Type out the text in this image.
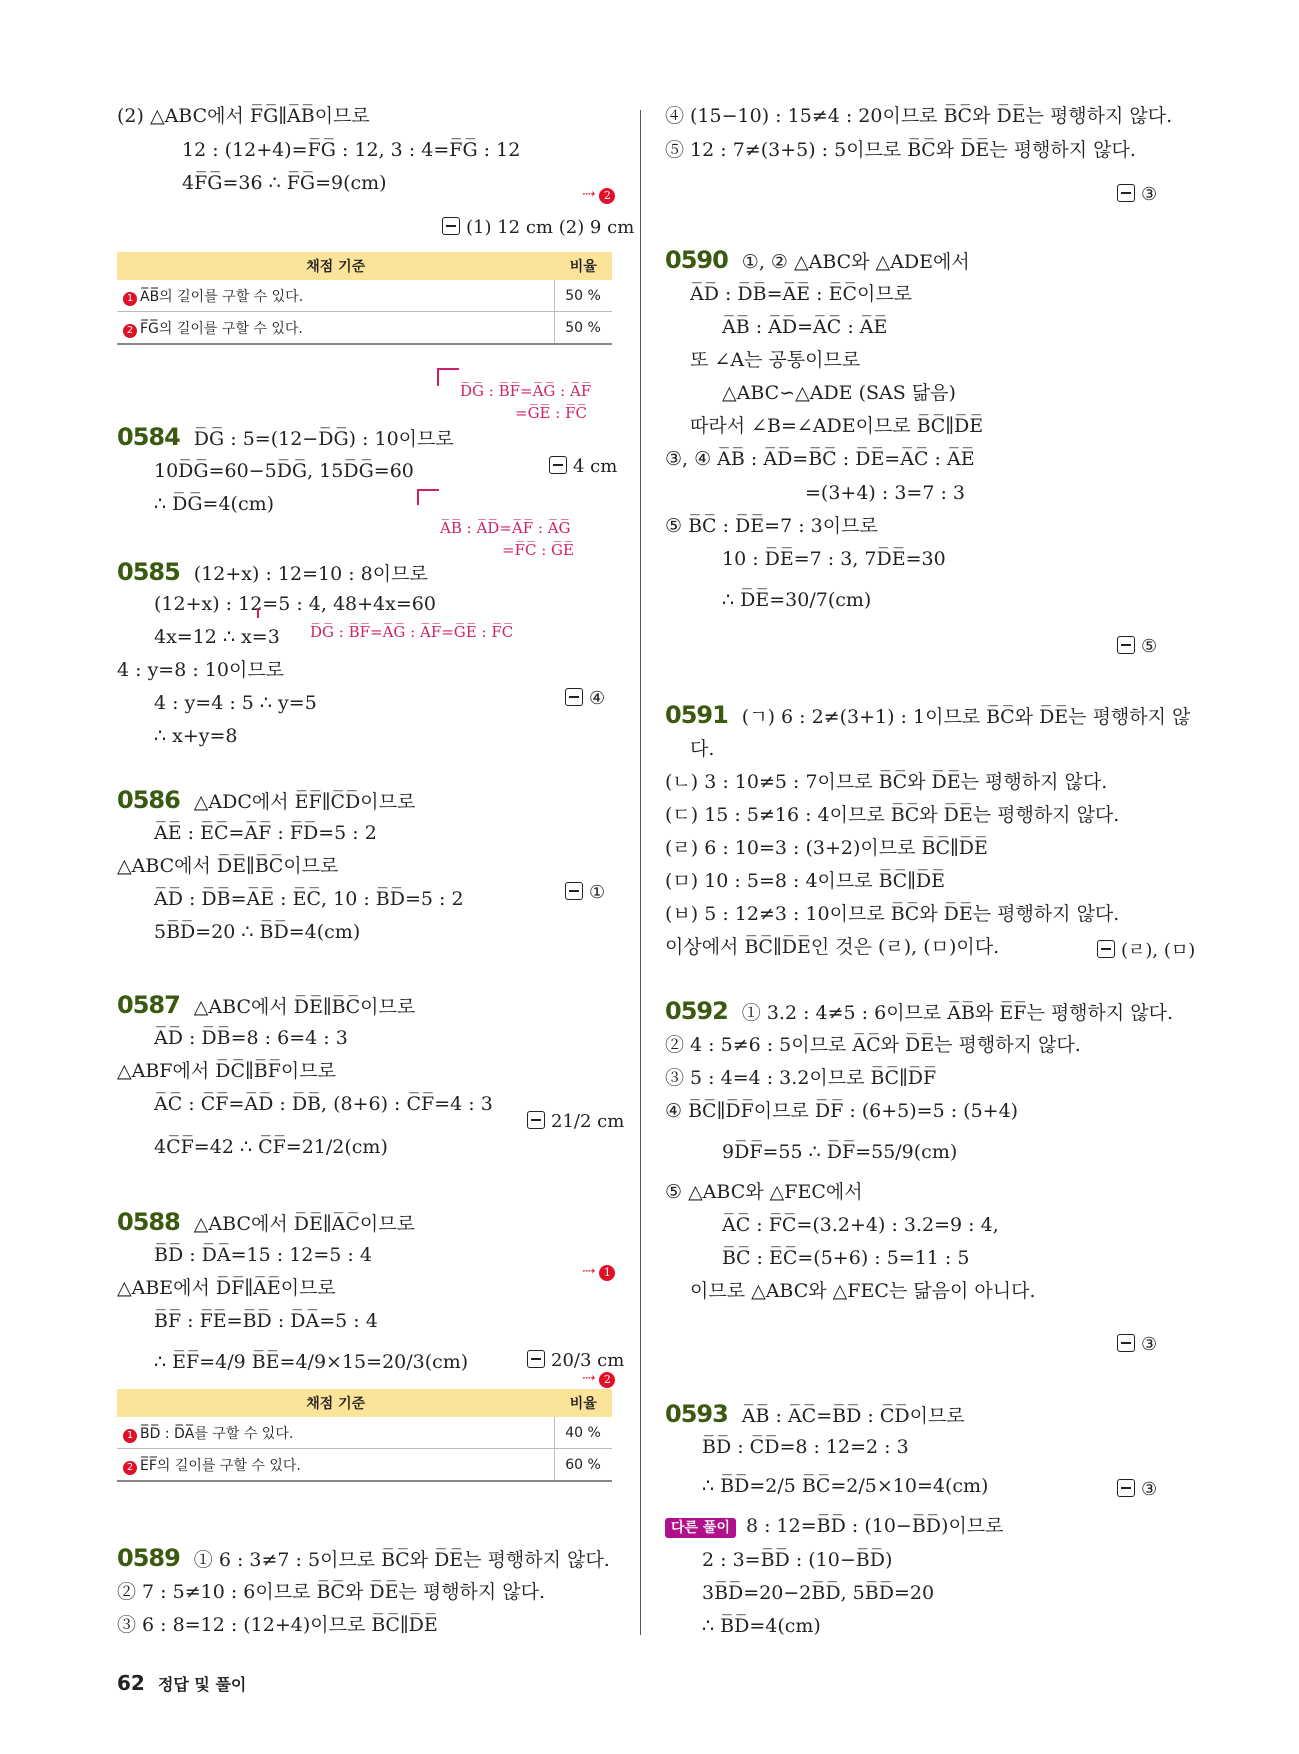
(2) △ABC에서 F̅G̅∥A̅B̅이므로
12 : (12+4)=F̅G̅ : 12, 3 : 4=F̅G̅ : 12
4F̅G̅=36 ∴ F̅G̅=9(cm)
0584 D̅G̅ : 5=(12−D̅G̅) : 10이므로
10D̅G̅=60−5D̅G̅, 15D̅G̅=60
∴ D̅G̅=4(cm)
0585 (12+x) : 12=10 : 8이므로
(12+x) : 12=5 : 4, 48+4x=60
4x=12 ∴ x=3
4 : y=8 : 10이므로
4 : y=4 : 5 ∴ y=5
∴ x+y=8
0586 △ADC에서 E̅F̅∥C̅D̅이므로
A̅E̅ : E̅C̅=A̅F̅ : F̅D̅=5 : 2
△ABC에서 D̅E̅∥B̅C̅이므로
A̅D̅ : D̅B̅=A̅E̅ : E̅C̅, 10 : B̅D̅=5 : 2
5B̅D̅=20 ∴ B̅D̅=4(cm)
0587 △ABC에서 D̅E̅∥B̅C̅이므로
A̅D̅ : D̅B̅=8 : 6=4 : 3
△ABF에서 D̅C̅∥B̅F̅이므로
A̅C̅ : C̅F̅=A̅D̅ : D̅B̅, (8+6) : C̅F̅=4 : 3
4C̅F̅=42 ∴ C̅F̅=21/2(cm)
0588 △ABC에서 D̅E̅∥A̅C̅이므로
B̅D̅ : D̅A̅=15 : 12=5 : 4
△ABE에서 D̅F̅∥A̅E̅이므로
B̅F̅ : F̅E̅=B̅D̅ : D̅A̅=5 : 4
∴ E̅F̅=4/9 B̅E̅=4/9×15=20/3(cm)
0589 ① 6 : 3≠7 : 5이므로 B̅C̅와 D̅E̅는 평행하지 않다.
② 7 : 5≠10 : 6이므로 B̅C̅와 D̅E̅는 평행하지 않다.
③ 6 : 8=12 : (12+4)이므로 B̅C̅∥D̅E̅
(1) 12 cm (2) 9 cm
4 cm
④
①
21/2 cm
20/3 cm
⇢ 2
⇢ 1
⇢ 2
D̅G̅ : B̅F̅=A̅G̅ : A̅F̅
=G̅E̅ : F̅C̅
A̅B̅ : A̅D̅=A̅F̅ : A̅G̅
=F̅C̅ : G̅E̅
D̅G̅ : B̅F̅=A̅G̅ : A̅F̅=G̅E̅ : F̅C̅
채점 기준	비율
1 A̅B̅의 길이를 구할 수 있다.	50 %
2 F̅G̅의 길이를 구할 수 있다.	50 %
채점 기준	비율
1 B̅D̅ : D̅A̅를 구할 수 있다.	40 %
2 E̅F̅의 길이를 구할 수 있다.	60 %
④ (15−10) : 15≠4 : 20이므로 B̅C̅와 D̅E̅는 평행하지 않다.
⑤ 12 : 7≠(3+5) : 5이므로 B̅C̅와 D̅E̅는 평행하지 않다.
0590 ①, ② △ABC와 △ADE에서
A̅D̅ : D̅B̅=A̅E̅ : E̅C̅이므로
A̅B̅ : A̅D̅=A̅C̅ : A̅E̅
또 ∠A는 공통이므로
△ABC∽△ADE (SAS 닮음)
따라서 ∠B=∠ADE이므로 B̅C̅∥D̅E̅
③, ④ A̅B̅ : A̅D̅=B̅C̅ : D̅E̅=A̅C̅ : A̅E̅
=(3+4) : 3=7 : 3
⑤ B̅C̅ : D̅E̅=7 : 3이므로
10 : D̅E̅=7 : 3, 7D̅E̅=30
∴ D̅E̅=30/7(cm)
0591 (ㄱ) 6 : 2≠(3+1) : 1이므로 B̅C̅와 D̅E̅는 평행하지 않
다.
(ㄴ) 3 : 10≠5 : 7이므로 B̅C̅와 D̅E̅는 평행하지 않다.
(ㄷ) 15 : 5≠16 : 4이므로 B̅C̅와 D̅E̅는 평행하지 않다.
(ㄹ) 6 : 10=3 : (3+2)이므로 B̅C̅∥D̅E̅
(ㅁ) 10 : 5=8 : 4이므로 B̅C̅∥D̅E̅
(ㅂ) 5 : 12≠3 : 10이므로 B̅C̅와 D̅E̅는 평행하지 않다.
이상에서 B̅C̅∥D̅E̅인 것은 (ㄹ), (ㅁ)이다.
0592 ① 3.2 : 4≠5 : 6이므로 A̅B̅와 E̅F̅는 평행하지 않다.
② 4 : 5≠6 : 5이므로 A̅C̅와 D̅E̅는 평행하지 않다.
③ 5 : 4=4 : 3.2이므로 B̅C̅∥D̅F̅
④ B̅C̅∥D̅F̅이므로 D̅F̅ : (6+5)=5 : (5+4)
9D̅F̅=55 ∴ D̅F̅=55/9(cm)
⑤ △ABC와 △FEC에서
A̅C̅ : F̅C̅=(3.2+4) : 3.2=9 : 4,
B̅C̅ : E̅C̅=(5+6) : 5=11 : 5
이므로 △ABC와 △FEC는 닮음이 아니다.
0593 A̅B̅ : A̅C̅=B̅D̅ : C̅D̅이므로
B̅D̅ : C̅D̅=8 : 12=2 : 3
∴ B̅D̅=2/5 B̅C̅=2/5×10=4(cm)
다른 풀이 8 : 12=B̅D̅ : (10−B̅D̅)이므로
2 : 3=B̅D̅ : (10−B̅D̅)
3B̅D̅=20−2B̅D̅, 5B̅D̅=20
∴ B̅D̅=4(cm)
③
⑤
(ㄹ), (ㅁ)
③
③
62 정답 및 풀이
